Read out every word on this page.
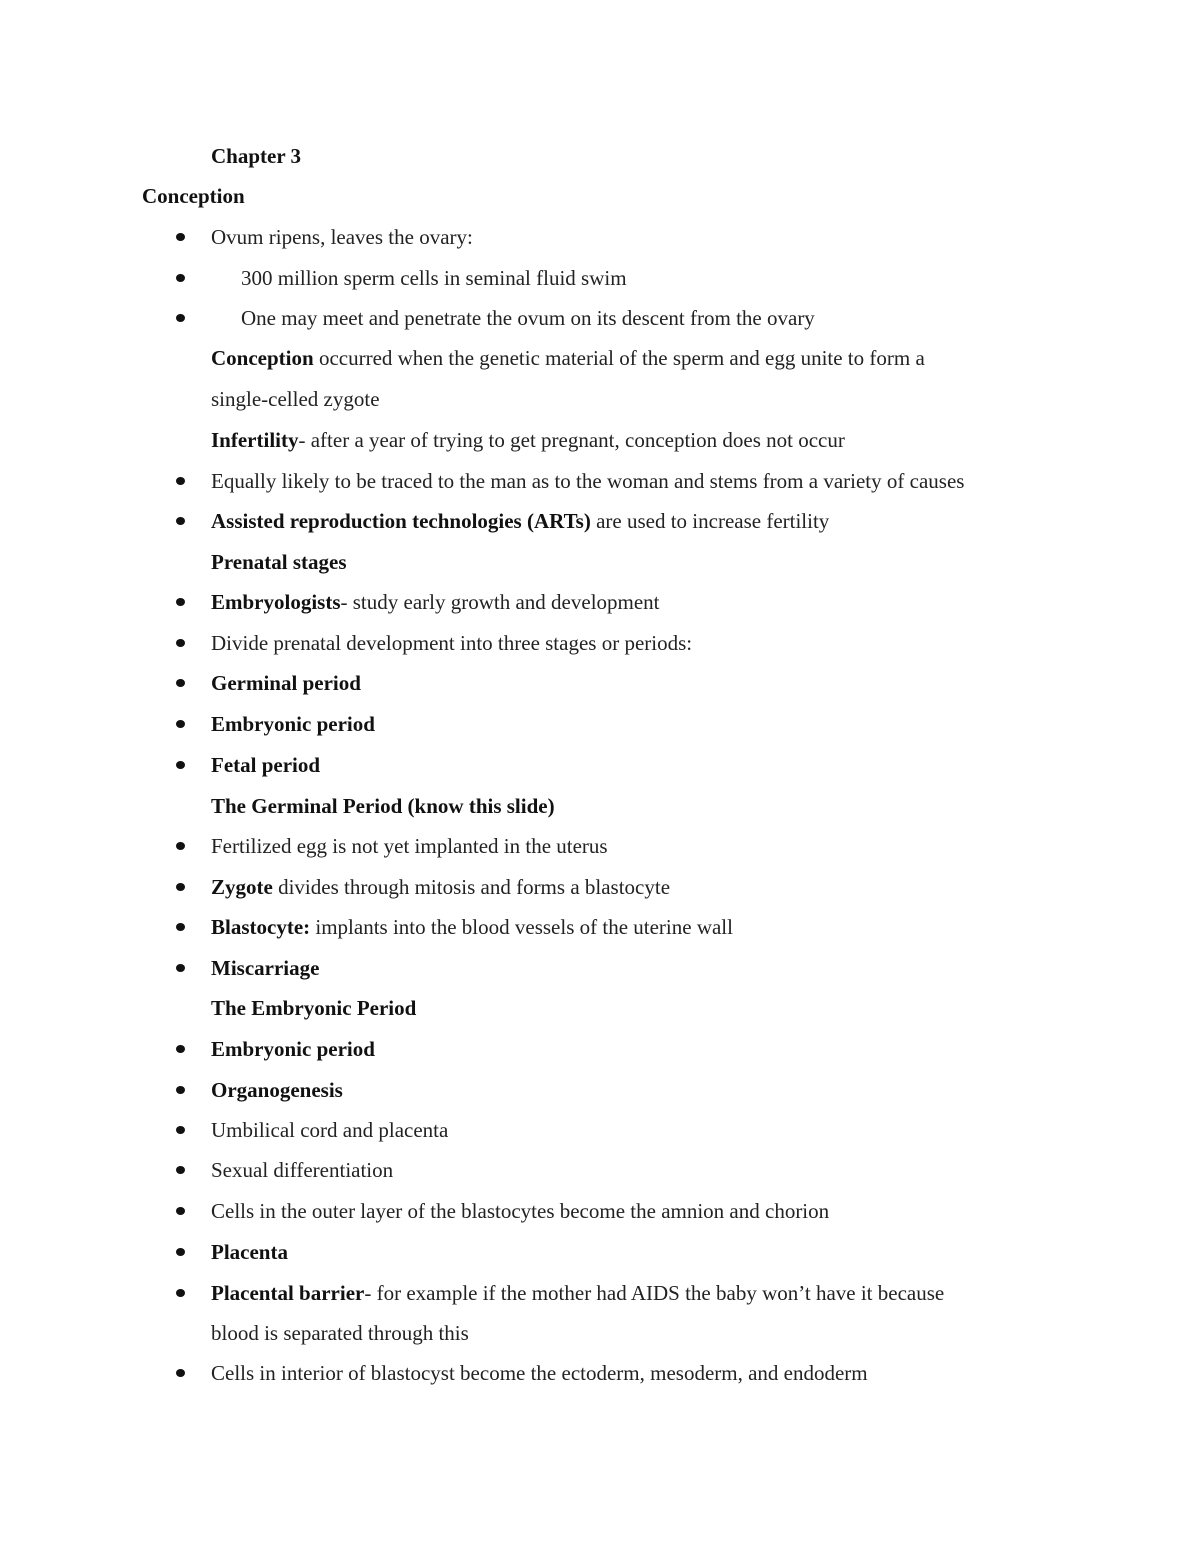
Chapter 3
Conception
Ovum ripens, leaves the ovary:
300 million sperm cells in seminal fluid swim
One may meet and penetrate the ovum on its descent from the ovary
Conception occurred when the genetic material of the sperm and egg unite to form a
single-celled zygote
Infertility- after a year of trying to get pregnant, conception does not occur
Equally likely to be traced to the man as to the woman and stems from a variety of causes
Assisted reproduction technologies (ARTs) are used to increase fertility
Prenatal stages
Embryologists- study early growth and development
Divide prenatal development into three stages or periods:
Germinal period
Embryonic period
Fetal period
The Germinal Period (know this slide)
Fertilized egg is not yet implanted in the uterus
Zygote divides through mitosis and forms a blastocyte
Blastocyte: implants into the blood vessels of the uterine wall
Miscarriage
The Embryonic Period
Embryonic period
Organogenesis
Umbilical cord and placenta
Sexual differentiation
Cells in the outer layer of the blastocytes become the amnion and chorion
Placenta
Placental barrier- for example if the mother had AIDS the baby won’t have it because
blood is separated through this
Cells in interior of blastocyst become the ectoderm, mesoderm, and endoderm
